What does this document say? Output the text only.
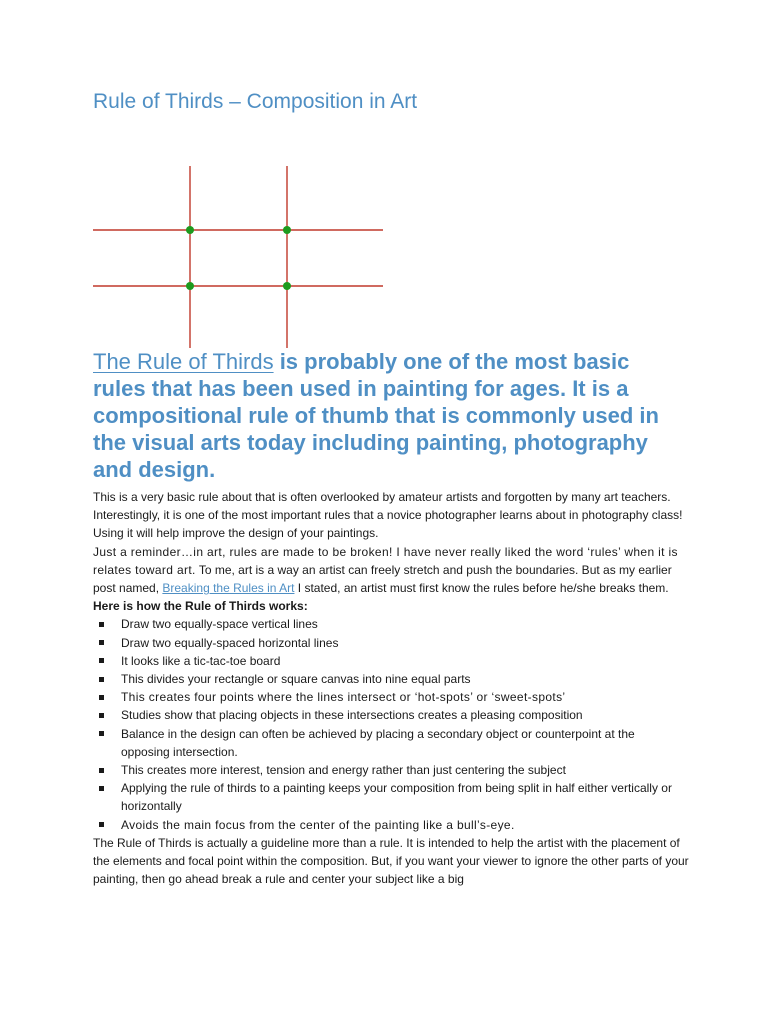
Rule of Thirds – Composition in Art

The Rule of Thirds is probably one of the most basic rules that has been used in painting for ages. It is a compositional rule of thumb that is commonly used in the visual arts today including painting, photography and design.

This is a very basic rule about that is often overlooked by amateur artists and forgotten by many art teachers. Interestingly, it is one of the most important rules that a novice photographer learns about in photography class! Using it will help improve the design of your paintings.

Just a reminder…in art, rules are made to be broken! I have never really liked the word ‘rules’ when it is relates toward art. To me, art is a way an artist can freely stretch and push the boundaries. But as my earlier post named, Breaking the Rules in Art I stated, an artist must first know the rules before he/she breaks them.

Here is how the Rule of Thirds works:

Draw two equally-space vertical lines
Draw two equally-spaced horizontal lines
It looks like a tic-tac-toe board
This divides your rectangle or square canvas into nine equal parts
This creates four points where the lines intersect or ‘hot-spots’ or ‘sweet-spots’
Studies show that placing objects in these intersections creates a pleasing composition
Balance in the design can often be achieved by placing a secondary object or counterpoint at the opposing intersection.
This creates more interest, tension and energy rather than just centering the subject
Applying the rule of thirds to a painting keeps your composition from being split in half either vertically or horizontally
Avoids the main focus from the center of the painting like a bull’s-eye.

The Rule of Thirds is actually a guideline more than a rule. It is intended to help the artist with the placement of the elements and focal point within the composition. But, if you want your viewer to ignore the other parts of your painting, then go ahead break a rule and center your subject like a big
